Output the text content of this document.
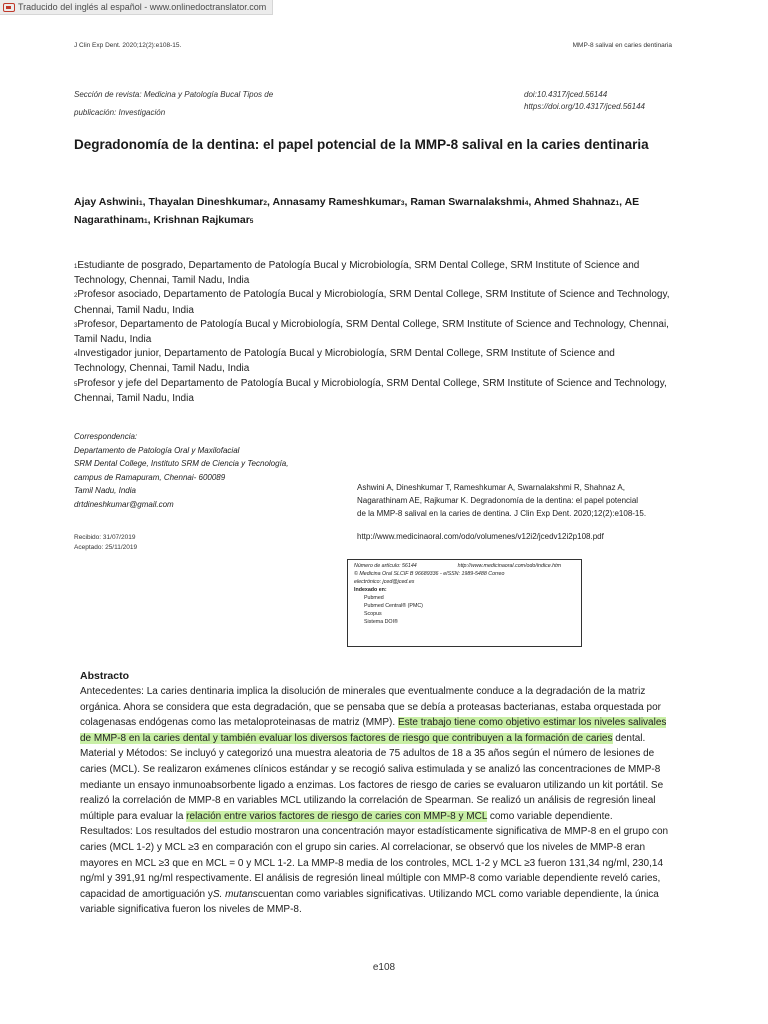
Traducido del inglés al español - www.onlinedoctranslator.com
J Clin Exp Dent. 2020;12(2):e108-15.	MMP-8 salival en caries dentinaria
Sección de revista: Medicina y Patología Bucal Tipos de
publicación: Investigación
doi:10.4317/jced.56144
https://doi.org/10.4317/jced.56144
Degradonomía de la dentina: el papel potencial de la MMP-8 salival en la caries dentinaria
Ajay Ashwini1, Thayalan Dineshkumar2, Annasamy Rameshkumar3, Raman Swarnalakshmi4, Ahmed Shahnaz1, AE
Nagarathinam1, Krishnan Rajkumar5
1Estudiante de posgrado, Departamento de Patología Bucal y Microbiología, SRM Dental College, SRM Institute of Science and
Technology, Chennai, Tamil Nadu, India
2Profesor asociado, Departamento de Patología Bucal y Microbiología, SRM Dental College, SRM Institute of Science and Technology,
Chennai, Tamil Nadu, India
3Profesor, Departamento de Patología Bucal y Microbiología, SRM Dental College, SRM Institute of Science and Technology, Chennai,
Tamil Nadu, India
4Investigador junior, Departamento de Patología Bucal y Microbiología, SRM Dental College, SRM Institute of Science and
Technology, Chennai, Tamil Nadu, India
5Profesor y jefe del Departamento de Patología Bucal y Microbiología, SRM Dental College, SRM Institute of Science and Technology,
Chennai, Tamil Nadu, India
Correspondencia:
Departamento de Patología Oral y Maxilofacial
SRM Dental College, Instituto SRM de Ciencia y Tecnología,
campus de Ramapuram, Chennai- 600089
Tamil Nadu, India
drtdineshkumar@gmail.com
Recibido: 31/07/2019
Aceptado: 25/11/2019
Ashwini A, Dineshkumar T, Rameshkumar A, Swarnalakshmi R, Shahnaz A,
Nagarathinam AE, Rajkumar K. Degradonomía de la dentina: el papel potencial
de la MMP-8 salival en la caries de dentina. J Clin Exp Dent. 2020;12(2):e108-15.
http://www.medicinaoral.com/odo/volumenes/v12i2/jcedv12i2p108.pdf
Número de artículo: 56144	http://www.medicinaoral.com/odo/indice.htm
© Medicina Oral SLCIF B 96689336 - eISSN: 1989-5488 Correo
electrónico: jced@jced.es
Indexado en:
Pubmed
Pubmed Central® (PMC)
Scopus
Sistema DOI®
Abstracto

Antecedentes: La caries dentinaria implica la disolución de minerales que eventualmente conduce a la degradación de la matriz orgánica. Ahora se considera que esta degradación, que se pensaba que se debía a proteasas bacterianas, estaba orquestada por colagenasas endógenas como las metaloproteinasas de matriz (MMP). Este trabajo tiene como objetivo estimar los niveles salivales de MMP-8 en la caries dental y también evaluar los diversos factores de riesgo que contribuyen a la formación de caries dental. Material y Métodos: Se incluyó y categorizó una muestra aleatoria de 75 adultos de 18 a 35 años según el número de lesiones de caries (MCL). Se realizaron exámenes clínicos estándar y se recogió saliva estimulada y se analizó las concentraciones de MMP-8 mediante un ensayo inmunoabsorbente ligado a enzimas. Los factores de riesgo de caries se evaluaron utilizando un kit portátil. Se realizó la correlación de MMP-8 en variables MCL utilizando la correlación de Spearman. Se realizó un análisis de regresión lineal múltiple para evaluar la relación entre varios factores de riesgo de caries con MMP-8 y MCL como variable dependiente.

Resultados: Los resultados del estudio mostraron una concentración mayor estadísticamente significativa de MMP-8 en el grupo con caries (MCL 1-2) y MCL ≥3 en comparación con el grupo sin caries. Al correlacionar, se observó que los niveles de MMP-8 eran mayores en MCL ≥3 que en MCL = 0 y MCL 1-2. La MMP-8 media de los controles, MCL 1-2 y MCL ≥3 fueron 131,34 ng/ml, 230,14 ng/ml y 391,91 ng/ml respectivamente. El análisis de regresión lineal múltiple con MMP-8 como variable dependiente reveló caries, capacidad de amortiguación yS. mutanscuentan como variables significativas. Utilizando MCL como variable dependiente, la única variable significativa fueron los niveles de MMP-8.

e108
